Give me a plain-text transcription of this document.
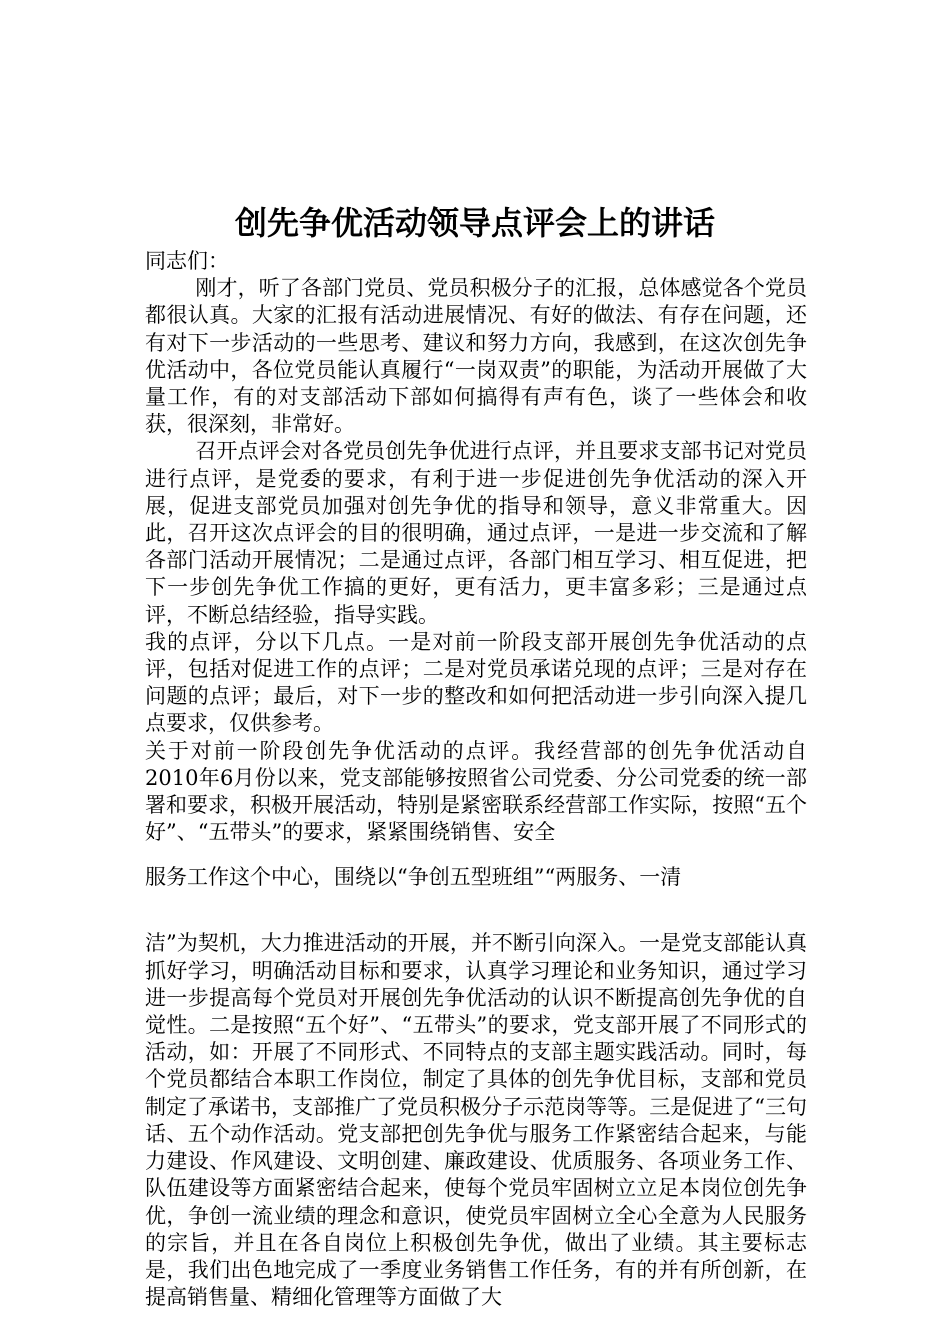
创先争优活动领导点评会上的讲话

同志们：

刚才，听了各部门党员、党员积极分子的汇报，总体感觉各个党员都很认真。大家的汇报有活动进展情况、有好的做法、有存在问题，还有对下一步活动的一些思考、建议和努力方向，我感到，在这次创先争优活动中，各位党员能认真履行“一岗双责”的职能，为活动开展做了大量工作，有的对支部活动下部如何搞得有声有色，谈了一些体会和收获，很深刻，非常好。

召开点评会对各党员创先争优进行点评，并且要求支部书记对党员进行点评，是党委的要求，有利于进一步促进创先争优活动的深入开展，促进支部党员加强对创先争优的指导和领导，意义非常重大。因此，召开这次点评会的目的很明确，通过点评，一是进一步交流和了解各部门活动开展情况；二是通过点评，各部门相互学习、相互促进，把下一步创先争优工作搞的更好，更有活力，更丰富多彩；三是通过点评，不断总结经验，指导实践。

我的点评，分以下几点。一是对前一阶段支部开展创先争优活动的点评，包括对促进工作的点评；二是对党员承诺兑现的点评；三是对存在问题的点评；最后，对下一步的整改和如何把活动进一步引向深入提几点要求，仅供参考。

关于对前一阶段创先争优活动的点评。我经营部的创先争优活动自2010年6月份以来，党支部能够按照省公司党委、分公司党委的统一部署和要求，积极开展活动，特别是紧密联系经营部工作实际，按照“五个好”、“五带头”的要求，紧紧围绕销售、安全

服务工作这个中心，围绕以“争创五型班组”“两服务、一清

洁”为契机，大力推进活动的开展，并不断引向深入。一是党支部能认真抓好学习，明确活动目标和要求，认真学习理论和业务知识，通过学习进一步提高每个党员对开展创先争优活动的认识不断提高创先争优的自觉性。二是按照“五个好”、“五带头”的要求，党支部开展了不同形式的活动，如：开展了不同形式、不同特点的支部主题实践活动。同时，每个党员都结合本职工作岗位，制定了具体的创先争优目标，支部和党员制定了承诺书，支部推广了党员积极分子示范岗等等。三是促进了“三句话、五个动作活动。党支部把创先争优与服务工作紧密结合起来，与能力建设、作风建设、文明创建、廉政建设、优质服务、各项业务工作、队伍建设等方面紧密结合起来，使每个党员牢固树立立足本岗位创先争优，争创一流业绩的理念和意识，使党员牢固树立全心全意为人民服务的宗旨，并且在各自岗位上积极创先争优，做出了业绩。其主要标志是，我们出色地完成了一季度业务销售工作任务，有的并有所创新，在提高销售量、精细化管理等方面做了大
